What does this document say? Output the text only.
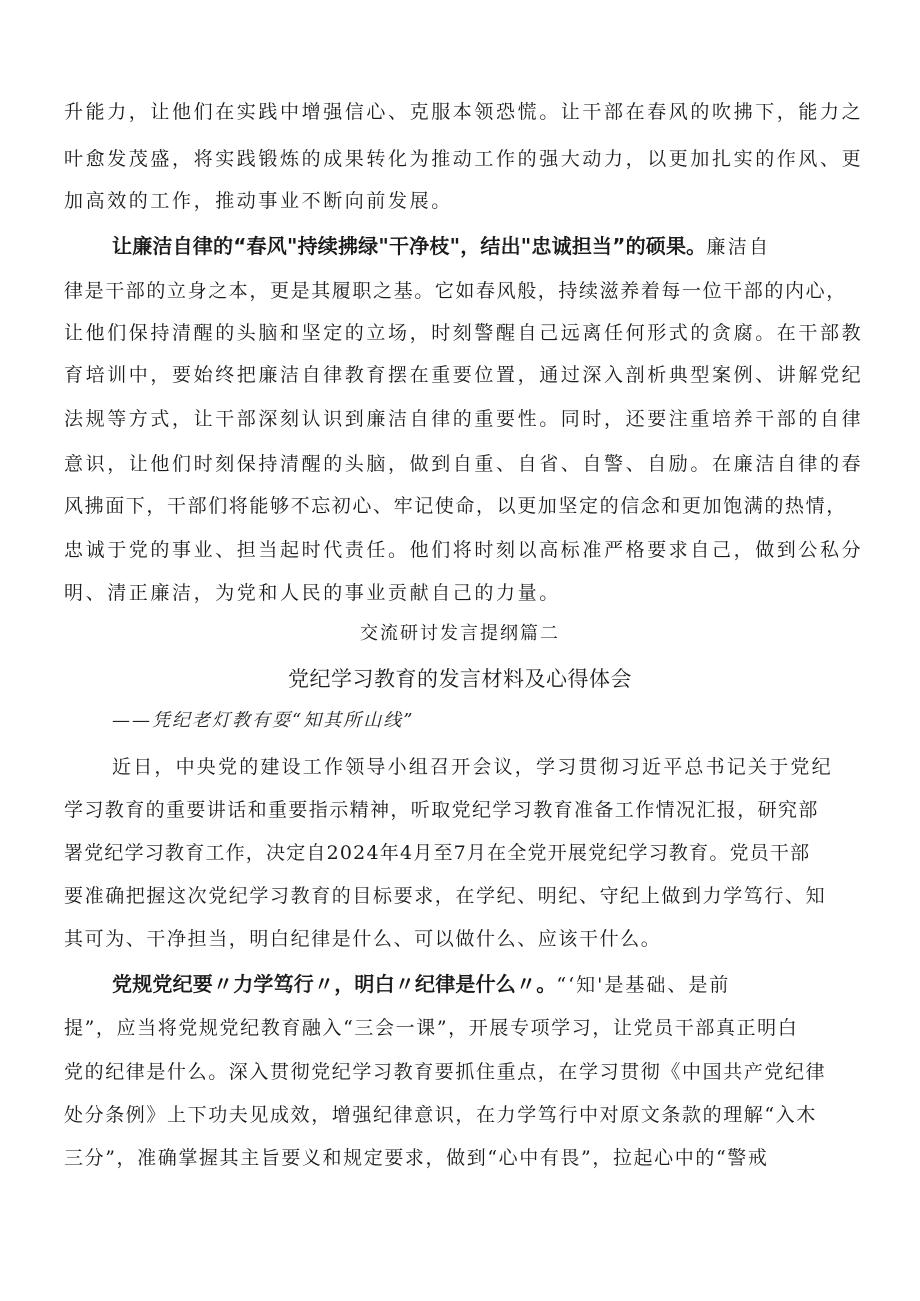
升能力，让他们在实践中增强信心、克服本领恐慌。让干部在春风的吹拂下，能力之
叶愈发茂盛，将实践锻炼的成果转化为推动工作的强大动力，以更加扎实的作风、更
加高效的工作，推动事业不断向前发展。
让廉洁自律的“春风"持续拂绿"干净枝"，结出"忠诚担当”的硕果。廉洁自
律是干部的立身之本，更是其履职之基。它如春风般，持续滋养着每一位干部的内心，
让他们保持清醒的头脑和坚定的立场，时刻警醒自己远离任何形式的贪腐。在干部教
育培训中，要始终把廉洁自律教育摆在重要位置，通过深入剖析典型案例、讲解党纪
法规等方式，让干部深刻认识到廉洁自律的重要性。同时，还要注重培养干部的自律
意识，让他们时刻保持清醒的头脑，做到自重、自省、自警、自励。在廉洁自律的春
风拂面下，干部们将能够不忘初心、牢记使命，以更加坚定的信念和更加饱满的热情，
忠诚于党的事业、担当起时代责任。他们将时刻以高标准严格要求自己，做到公私分
明、清正廉洁，为党和人民的事业贡献自己的力量。
交流研讨发言提纲篇二
党纪学习教育的发言材料及心得体会
——凭纪老灯教有耍“知其所山线”
近日，中央党的建设工作领导小组召开会议，学习贯彻习近平总书记关于党纪
学习教育的重要讲话和重要指示精神，听取党纪学习教育准备工作情况汇报，研究部
署党纪学习教育工作，决定自2024年4月至7月在全党开展党纪学习教育。党员干部
要准确把握这次党纪学习教育的目标要求，在学纪、明纪、守纪上做到力学笃行、知
其可为、干净担当，明白纪律是什么、可以做什么、应该干什么。
党规党纪要〃力学笃行〃，明白〃纪律是什么〃。“‘知'是基础、是前
提”，应当将党规党纪教育融入“三会一课”，开展专项学习，让党员干部真正明白
党的纪律是什么。深入贯彻党纪学习教育要抓住重点，在学习贯彻《中国共产党纪律
处分条例》上下功夫见成效，增强纪律意识，在力学笃行中对原文条款的理解“入木
三分”，准确掌握其主旨要义和规定要求，做到“心中有畏”，拉起心中的“警戒
